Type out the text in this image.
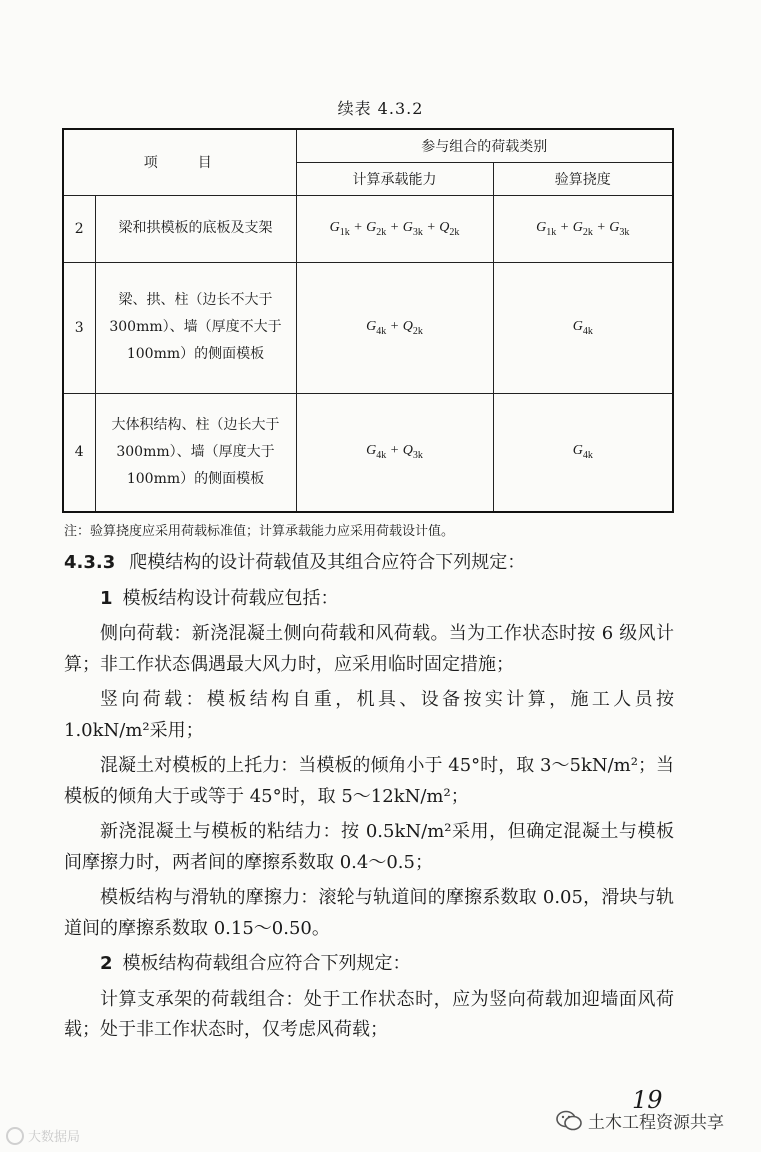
续表 4.3.2
项　　目		参与组合的荷载类别	
		计算承载能力	验算挠度
2	梁和拱模板的底板及支架	$G_{1k} + G_{2k} + G_{3k} + Q_{2k}$	$G_{1k} + G_{2k} + G_{3k}$
3	梁、拱、柱（边长不大于 300mm）、墙（厚度不大于 100mm）的侧面模板	$G_{4k} + Q_{2k}$	$G_{4k}$
4	大体积结构、柱（边长大于 300mm）、墙（厚度大于 100mm）的侧面模板	$G_{4k} + Q_{3k}$	$G_{4k}$
注：验算挠度应采用荷载标准值；计算承载能力应采用荷载设计值。

4.3.3 爬模结构的设计荷载值及其组合应符合下列规定：

1 模板结构设计荷载应包括：

侧向荷载：新浇混凝土侧向荷载和风荷载。当为工作状态时按 6 级风计算；非工作状态偶遇最大风力时，应采用临时固定措施；

竖向荷载：模板结构自重，机具、设备按实计算，施工人员按 1.0kN/m²采用；

混凝土对模板的上托力：当模板的倾角小于 45°时，取 3～5kN/m²；当模板的倾角大于或等于 45°时，取 5～12kN/m²；

新浇混凝土与模板的粘结力：按 0.5kN/m²采用，但确定混凝土与模板间摩擦力时，两者间的摩擦系数取 0.4～0.5；

模板结构与滑轨的摩擦力：滚轮与轨道间的摩擦系数取 0.05，滑块与轨道间的摩擦系数取 0.15～0.50。

2 模板结构荷载组合应符合下列规定：

计算支承架的荷载组合：处于工作状态时，应为竖向荷载加迎墙面风荷载；处于非工作状态时，仅考虑风荷载；

19
土木工程资源共享
大数据局
